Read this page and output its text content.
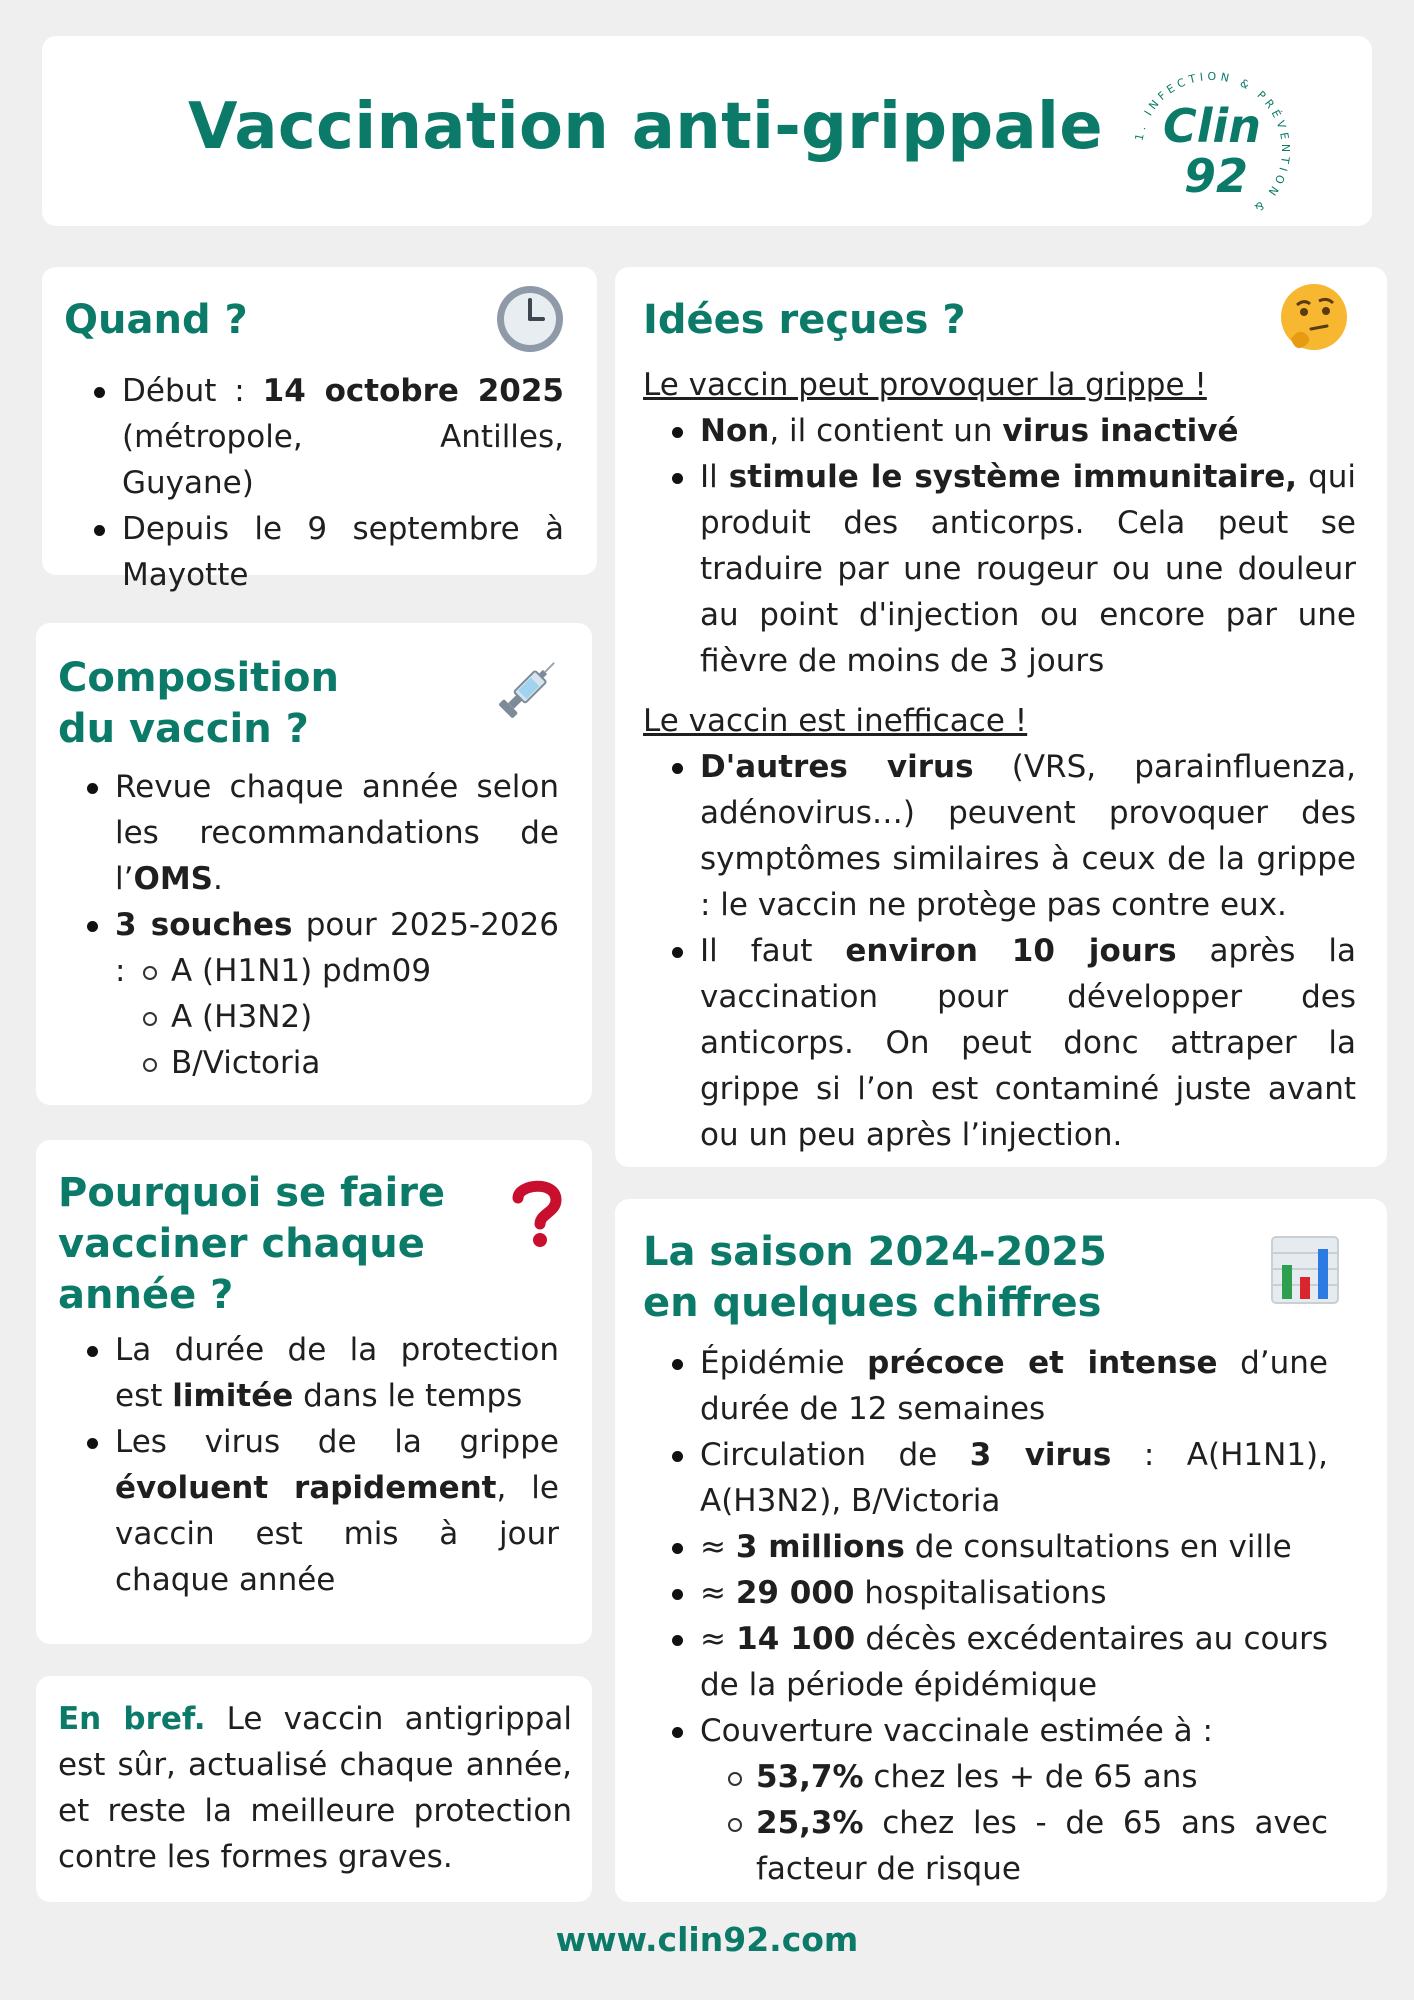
Vaccination anti-grippale	1. INFECTION & PRÉVENTION &
Clin
92
Quand ?
Début : 14 octobre 2025 (métropole, Antilles, Guyane)
Depuis le 9 septembre à Mayotte
Composition
du vaccin ?
Revue chaque année selon les recommandations de l’OMS.
3 souches pour 2025-2026 :	A (H1N1) pdm09
A (H3N2)
B/Victoria
Pourquoi se faire
vacciner chaque
année ?
La durée de la protection est limitée dans le temps
Les virus de la grippe évoluent rapidement, le vaccin est mis à jour chaque année

En bref. Le vaccin antigrippal est sûr, actualisé chaque année, et reste la meilleure protection contre les formes graves.

Idées reçues ?

Le vaccin peut provoquer la grippe !

Non, il contient un virus inactivé
Il stimule le système immunitaire, qui produit des anticorps. Cela peut se traduire par une rougeur ou une douleur au point d'injection ou encore par une fièvre de moins de 3 jours

Le vaccin est inefficace !

D'autres virus (VRS, parainfluenza, adénovirus…) peuvent provoquer des symptômes similaires à ceux de la grippe : le vaccin ne protège pas contre eux.
Il faut environ 10 jours après la vaccination pour développer des anticorps. On peut donc attraper la grippe si l’on est contaminé juste avant ou un peu après l’injection.
La saison 2024-2025
en quelques chiffres
Épidémie précoce et intense d’une durée de 12 semaines
Circulation de 3 virus : A(H1N1), A(H3N2), B/Victoria
≈ 3 millions de consultations en ville
≈ 29 000 hospitalisations
≈ 14 100 décès excédentaires au cours de la période épidémique
Couverture vaccinale estimée à :
53,7% chez les + de 65 ans
25,3% chez les - de 65 ans avec facteur de risque
www.clin92.com
